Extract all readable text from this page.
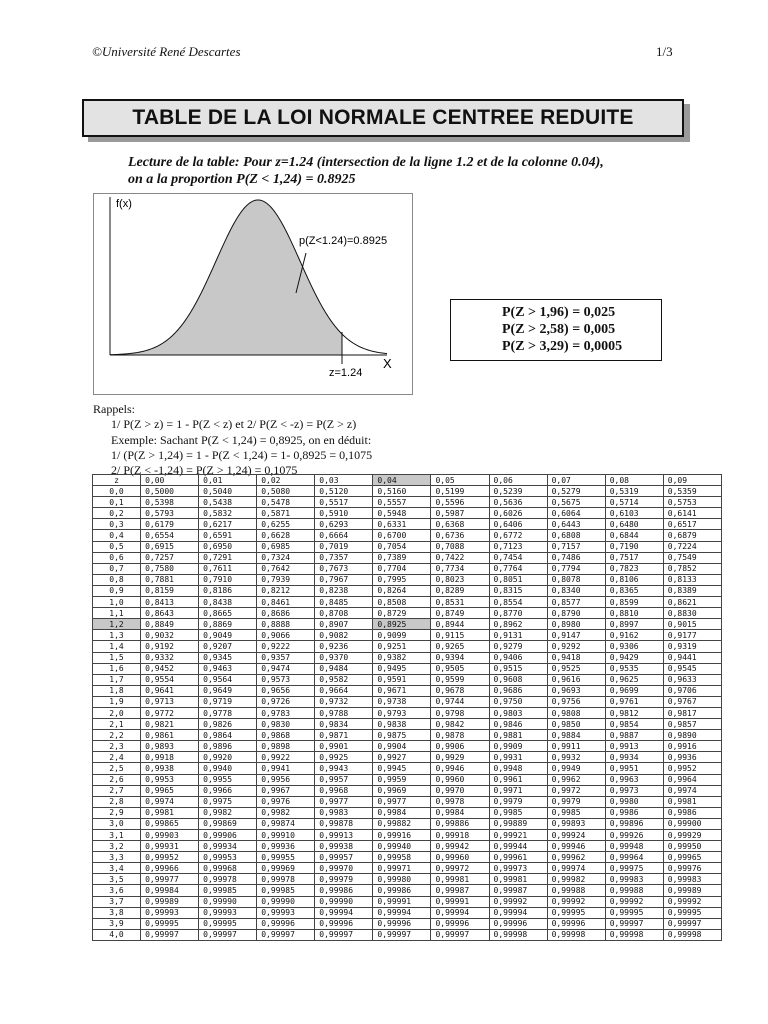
©Université René Descartes	1/3
TABLE DE LA LOI NORMALE CENTREE REDUITE
Lecture de la table: Pour z=1.24 (intersection de la ligne 1.2 et de la colonne 0.04),
on a la proportion P(Z < 1,24) = 0.8925
f(x)
p(Z<1.24)=0.8925
z=1.24
X
P(Z > 1,96) = 0,025
P(Z > 2,58) = 0,005
P(Z > 3,29) = 0,0005
Rappels:
1/ P(Z > z) = 1 - P(Z < z) et 2/ P(Z < -z) = P(Z > z)
Exemple: Sachant P(Z < 1,24) = 0,8925, on en déduit:
1/ (P(Z > 1,24) = 1 - P(Z < 1,24) = 1- 0,8925 = 0,1075
2/ P(Z < -1,24) = P(Z > 1,24) = 0,1075
z	0,00	0,01	0,02	0,03	0,04	0,05	0,06	0,07	0,08	0,09
0,0	0,5000	0,5040	0,5080	0,5120	0,5160	0,5199	0,5239	0,5279	0,5319	0,5359
0,1	0,5398	0,5438	0,5478	0,5517	0,5557	0,5596	0,5636	0,5675	0,5714	0,5753
0,2	0,5793	0,5832	0,5871	0,5910	0,5948	0,5987	0,6026	0,6064	0,6103	0,6141
0,3	0,6179	0,6217	0,6255	0,6293	0,6331	0,6368	0,6406	0,6443	0,6480	0,6517
0,4	0,6554	0,6591	0,6628	0,6664	0,6700	0,6736	0,6772	0,6808	0,6844	0,6879
0,5	0,6915	0,6950	0,6985	0,7019	0,7054	0,7088	0,7123	0,7157	0,7190	0,7224
0,6	0,7257	0,7291	0,7324	0,7357	0,7389	0,7422	0,7454	0,7486	0,7517	0,7549
0,7	0,7580	0,7611	0,7642	0,7673	0,7704	0,7734	0,7764	0,7794	0,7823	0,7852
0,8	0,7881	0,7910	0,7939	0,7967	0,7995	0,8023	0,8051	0,8078	0,8106	0,8133
0,9	0,8159	0,8186	0,8212	0,8238	0,8264	0,8289	0,8315	0,8340	0,8365	0,8389
1,0	0,8413	0,8438	0,8461	0,8485	0,8508	0,8531	0,8554	0,8577	0,8599	0,8621
1,1	0,8643	0,8665	0,8686	0,8708	0,8729	0,8749	0,8770	0,8790	0,8810	0,8830
1,2	0,8849	0,8869	0,8888	0,8907	0,8925	0,8944	0,8962	0,8980	0,8997	0,9015
1,3	0,9032	0,9049	0,9066	0,9082	0,9099	0,9115	0,9131	0,9147	0,9162	0,9177
1,4	0,9192	0,9207	0,9222	0,9236	0,9251	0,9265	0,9279	0,9292	0,9306	0,9319
1,5	0,9332	0,9345	0,9357	0,9370	0,9382	0,9394	0,9406	0,9418	0,9429	0,9441
1,6	0,9452	0,9463	0,9474	0,9484	0,9495	0,9505	0,9515	0,9525	0,9535	0,9545
1,7	0,9554	0,9564	0,9573	0,9582	0,9591	0,9599	0,9608	0,9616	0,9625	0,9633
1,8	0,9641	0,9649	0,9656	0,9664	0,9671	0,9678	0,9686	0,9693	0,9699	0,9706
1,9	0,9713	0,9719	0,9726	0,9732	0,9738	0,9744	0,9750	0,9756	0,9761	0,9767
2,0	0,9772	0,9778	0,9783	0,9788	0,9793	0,9798	0,9803	0,9808	0,9812	0,9817
2,1	0,9821	0,9826	0,9830	0,9834	0,9838	0,9842	0,9846	0,9850	0,9854	0,9857
2,2	0,9861	0,9864	0,9868	0,9871	0,9875	0,9878	0,9881	0,9884	0,9887	0,9890
2,3	0,9893	0,9896	0,9898	0,9901	0,9904	0,9906	0,9909	0,9911	0,9913	0,9916
2,4	0,9918	0,9920	0,9922	0,9925	0,9927	0,9929	0,9931	0,9932	0,9934	0,9936
2,5	0,9938	0,9940	0,9941	0,9943	0,9945	0,9946	0,9948	0,9949	0,9951	0,9952
2,6	0,9953	0,9955	0,9956	0,9957	0,9959	0,9960	0,9961	0,9962	0,9963	0,9964
2,7	0,9965	0,9966	0,9967	0,9968	0,9969	0,9970	0,9971	0,9972	0,9973	0,9974
2,8	0,9974	0,9975	0,9976	0,9977	0,9977	0,9978	0,9979	0,9979	0,9980	0,9981
2,9	0,9981	0,9982	0,9982	0,9983	0,9984	0,9984	0,9985	0,9985	0,9986	0,9986
3,0	0,99865	0,99869	0,99874	0,99878	0,99882	0,99886	0,99889	0,99893	0,99896	0,99900
3,1	0,99903	0,99906	0,99910	0,99913	0,99916	0,99918	0,99921	0,99924	0,99926	0,99929
3,2	0,99931	0,99934	0,99936	0,99938	0,99940	0,99942	0,99944	0,99946	0,99948	0,99950
3,3	0,99952	0,99953	0,99955	0,99957	0,99958	0,99960	0,99961	0,99962	0,99964	0,99965
3,4	0,99966	0,99968	0,99969	0,99970	0,99971	0,99972	0,99973	0,99974	0,99975	0,99976
3,5	0,99977	0,99978	0,99978	0,99979	0,99980	0,99981	0,99981	0,99982	0,99983	0,99983
3,6	0,99984	0,99985	0,99985	0,99986	0,99986	0,99987	0,99987	0,99988	0,99988	0,99989
3,7	0,99989	0,99990	0,99990	0,99990	0,99991	0,99991	0,99992	0,99992	0,99992	0,99992
3,8	0,99993	0,99993	0,99993	0,99994	0,99994	0,99994	0,99994	0,99995	0,99995	0,99995
3,9	0,99995	0,99995	0,99996	0,99996	0,99996	0,99996	0,99996	0,99996	0,99997	0,99997
4,0	0,99997	0,99997	0,99997	0,99997	0,99997	0,99997	0,99998	0,99998	0,99998	0,99998
